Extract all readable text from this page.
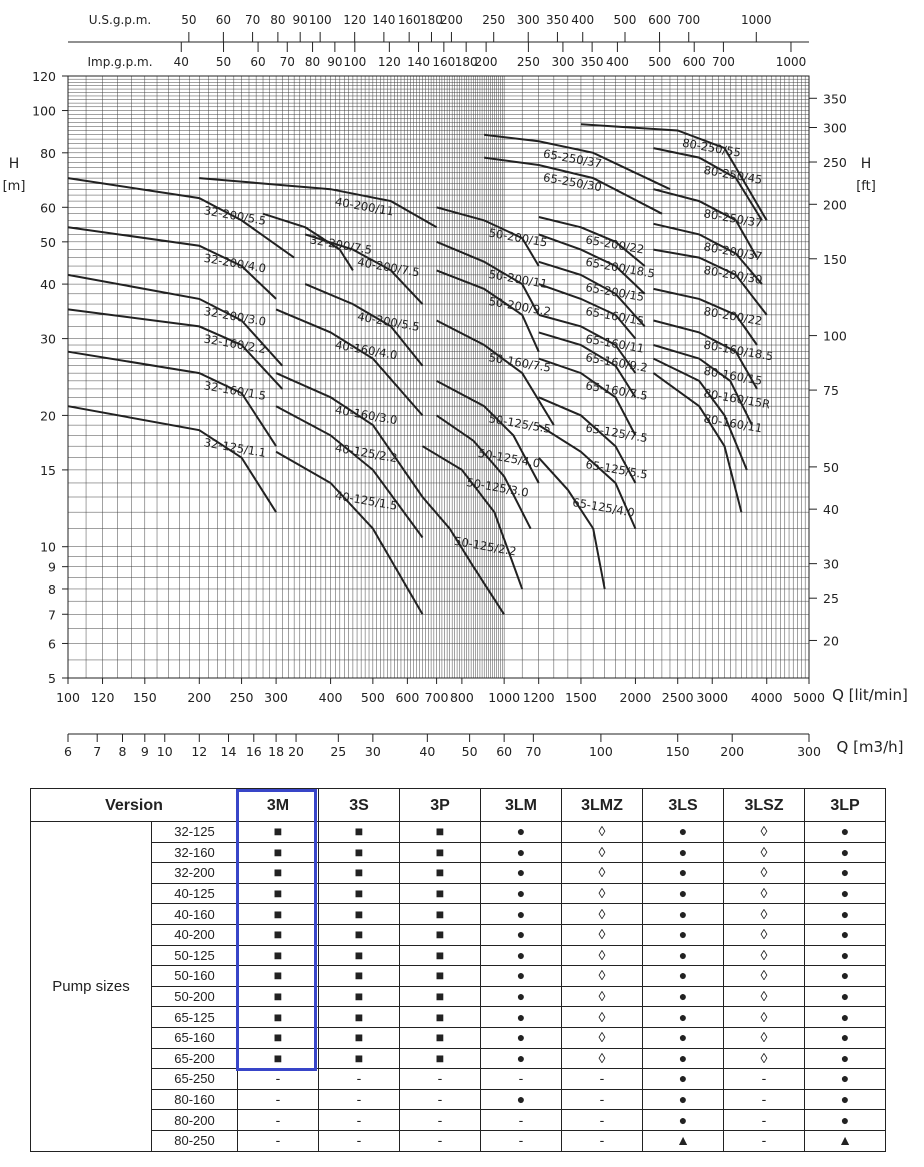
5
6
7
8
9
10
15
20
30
40
50
60
80
100
120
H
[m]
20
25
30
40
50
75
100
150
200
250
300
350
H
[ft]
100 120 150 200 250 300 400 500 600 700 800 1000 1200 1500 2000 2500 3000 4000 5000 Q [lit/min]
6 7 8 9 10 12 14 16 18 20 25 30	40 50 60 70	100	150 200	300 Q [m3/h]
50 60 70 80 90 100 120 140 160 180
200 250 300 350 400 500 600 700	1000
40 50 60 70 80 90 100 120 140 160 180
200 250 300 350 400 500 600 700	1000
U.S.g.p.m.
Imp.g.p.m.
32-125/1.1
32-160/1.5
32-160/2.2
32-200/3.0
32-200/4.0
32-200/5.5
40-125/1.5
40-125/2.2
40-160/3.0
40-160/4.0
40-200/5.5
40-200/7.5
40-200/11
32-200/7.5
50-125/2.2
50-125/3.0
50-125/4.0
50-125/5.5
50-160/7.5
50-200/9.2
50-200/11
50-200/15
65-125/4.0
65-125/5.5
65-125/7.5
65-160/7.5
65-160/9.2
65-160/11
65-160/15
65-200/15
65-200/18.5
65-200/22
65-250/30
65-250/37
80-160/11
80-160/15R
80-160/15
80-160/18.5
80-200/22
80-200/30
80-200/37
80-250/37
80-250/45
80-250/55
Version		3M	3S	3P	3LM	3LMZ	3LS	3LSZ	3LP
Pump sizes	32-125	■	■	■	●	◊	●	◊	●
	32-160	■	■	■	●	◊	●	◊	●
	32-200	■	■	■	●	◊	●	◊	●
	40-125	■	■	■	●	◊	●	◊	●
	40-160	■	■	■	●	◊	●	◊	●
	40-200	■	■	■	●	◊	●	◊	●
	50-125	■	■	■	●	◊	●	◊	●
	50-160	■	■	■	●	◊	●	◊	●
	50-200	■	■	■	●	◊	●	◊	●
	65-125	■	■	■	●	◊	●	◊	●
	65-160	■	■	■	●	◊	●	◊	●
	65-200	■	■	■	●	◊	●	◊	●
	65-250	-	-	-	-	-	●	-	●
	80-160	-	-	-	●	-	●	-	●
	80-200	-	-	-	-	-	●	-	●
	80-250	-	-	-	-	-	▲	-	▲
